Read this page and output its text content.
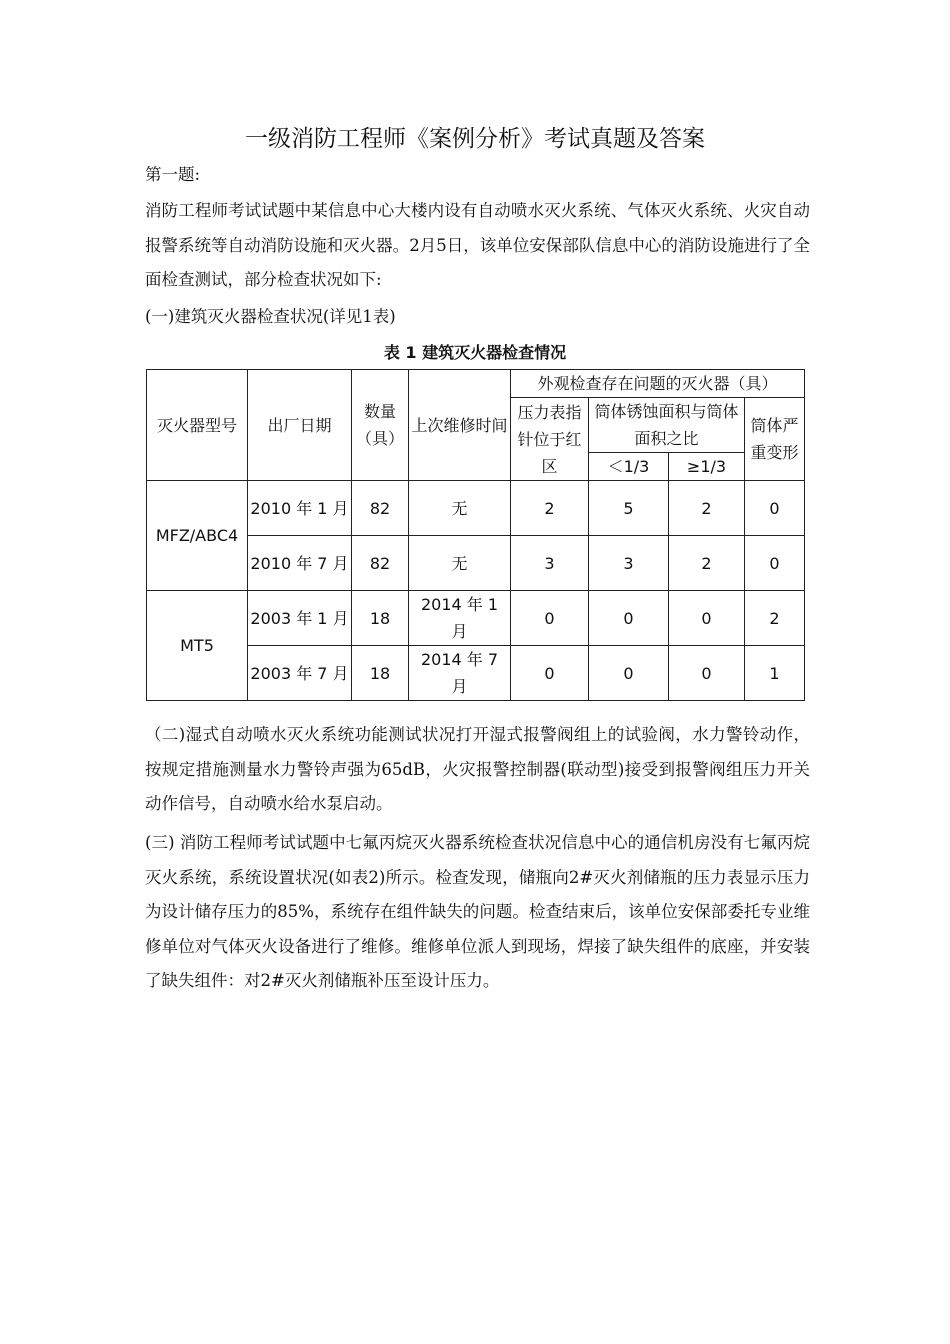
一级消防工程师《案例分析》考试真题及答案

第一题:

消防工程师考试试题中某信息中心大楼内设有自动喷水灭火系统、气体灭火系统、火灾自动报警系统等自动消防设施和灭火器。2月5日，该单位安保部队信息中心的消防设施进行了全面检查测试，部分检查状况如下:

(一)建筑灭火器检查状况(详见1表)

表 1 建筑灭火器检查情况
灭火器型号	出厂日期	数量（具）	上次维修时间	外观检查存在问题的灭火器（具）			
				压力表指针位于红区	筒体锈蚀面积与筒体面积之比		筒体严重变形
					＜1/3	≥1/3	
MFZ/ABC4	2010 年 1 月	82	无	2	5	2	0
	2010 年 7 月	82	无	3	3	2	0
MT5	2003 年 1 月	18	2014 年 1 月	0	0	0	2
	2003 年 7 月	18	2014 年 7 月	0	0	0	1

（二)湿式自动喷水灭火系统功能测试状况打开湿式报警阀组上的试验阀，水力警铃动作，按规定措施测量水力警铃声强为65dB，火灾报警控制器(联动型)接受到报警阀组压力开关动作信号，自动喷水给水泵启动。

(三) 消防工程师考试试题中七氟丙烷灭火器系统检查状况信息中心的通信机房没有七氟丙烷灭火系统，系统设置状况(如表2)所示。检查发现，储瓶向2#灭火剂储瓶的压力表显示压力为设计储存压力的85%，系统存在组件缺失的问题。检查结束后，该单位安保部委托专业维修单位对气体灭火设备进行了维修。维修单位派人到现场，焊接了缺失组件的底座，并安装了缺失组件：对2#灭火剂储瓶补压至设计压力。
